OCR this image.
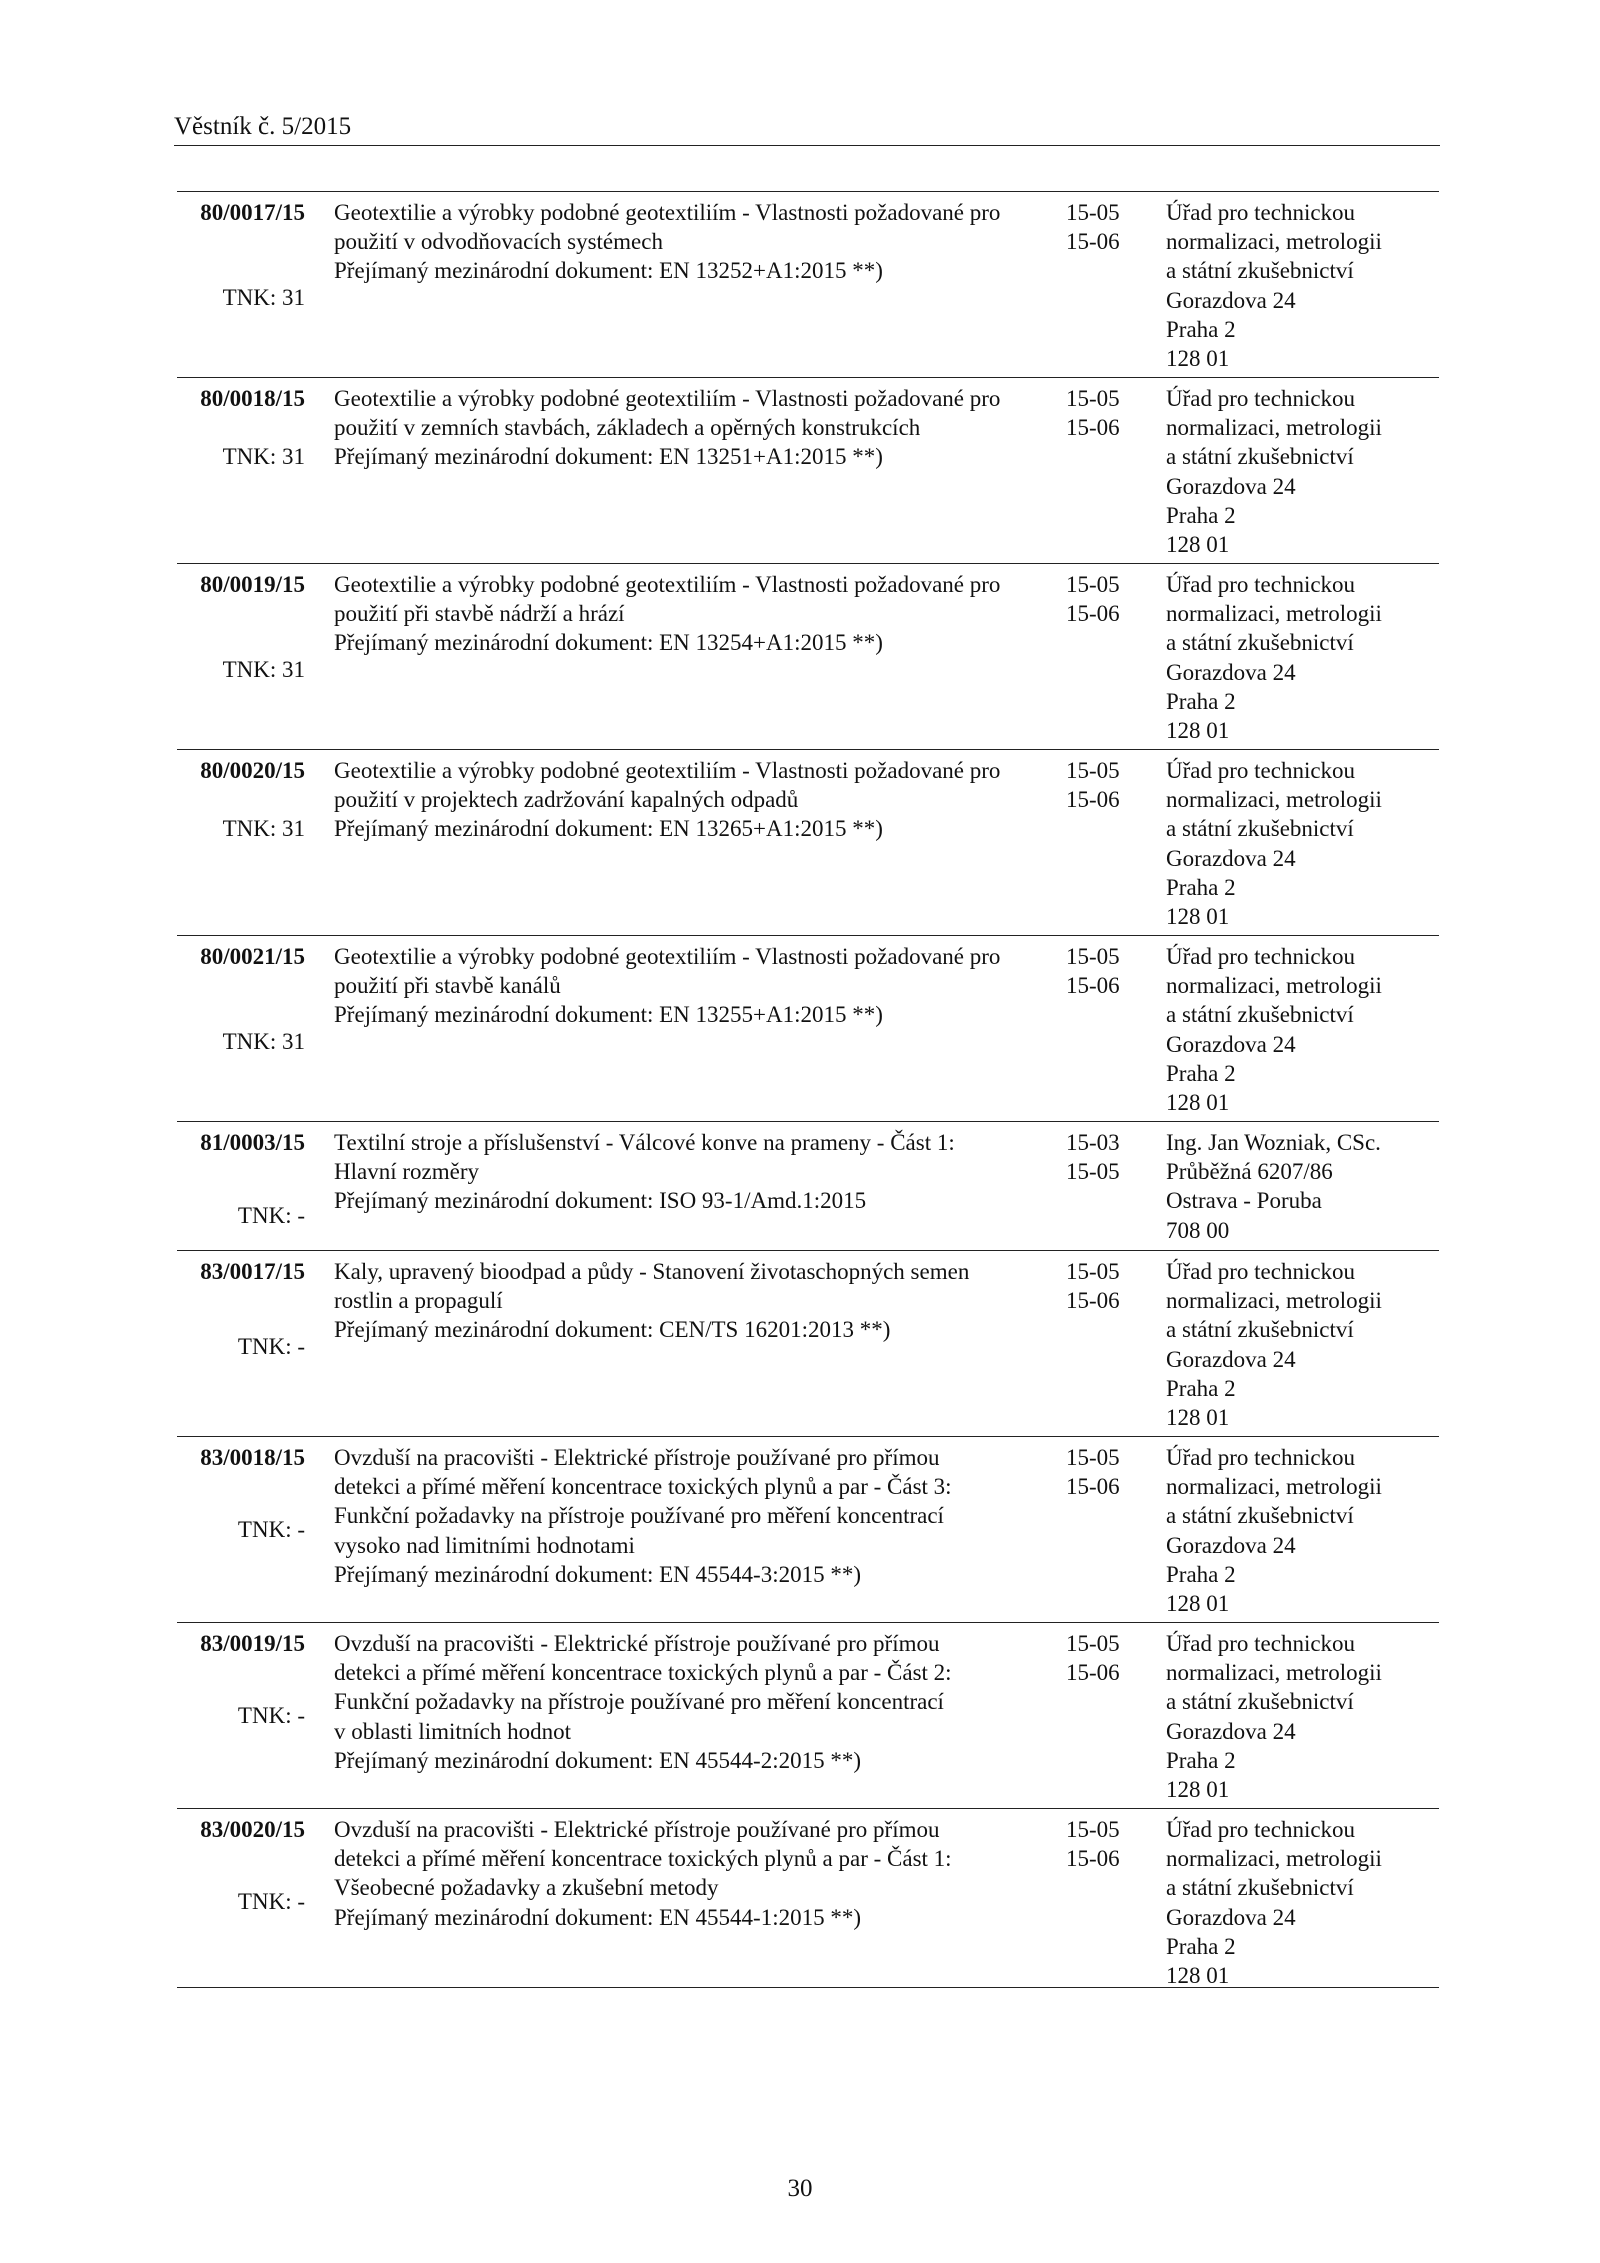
Věstník č. 5/2015
80/0017/15
TNK: 31
Geotextilie a výrobky podobné geotextiliím - Vlastnosti požadované pro
použití v odvodňovacích systémech
Přejímaný mezinárodní dokument: EN 13252+A1:2015 **)
15-05
15-06
Úřad pro technickou
normalizaci, metrologii
a státní zkušebnictví
Gorazdova 24
Praha 2
128 01
80/0018/15
TNK: 31
Geotextilie a výrobky podobné geotextiliím - Vlastnosti požadované pro
použití v zemních stavbách, základech a opěrných konstrukcích
Přejímaný mezinárodní dokument: EN 13251+A1:2015 **)
15-05
15-06
Úřad pro technickou
normalizaci, metrologii
a státní zkušebnictví
Gorazdova 24
Praha 2
128 01
80/0019/15
TNK: 31
Geotextilie a výrobky podobné geotextiliím - Vlastnosti požadované pro
použití při stavbě nádrží a hrází
Přejímaný mezinárodní dokument: EN 13254+A1:2015 **)
15-05
15-06
Úřad pro technickou
normalizaci, metrologii
a státní zkušebnictví
Gorazdova 24
Praha 2
128 01
80/0020/15
TNK: 31
Geotextilie a výrobky podobné geotextiliím - Vlastnosti požadované pro
použití v projektech zadržování kapalných odpadů
Přejímaný mezinárodní dokument: EN 13265+A1:2015 **)
15-05
15-06
Úřad pro technickou
normalizaci, metrologii
a státní zkušebnictví
Gorazdova 24
Praha 2
128 01
80/0021/15
TNK: 31
Geotextilie a výrobky podobné geotextiliím - Vlastnosti požadované pro
použití při stavbě kanálů
Přejímaný mezinárodní dokument: EN 13255+A1:2015 **)
15-05
15-06
Úřad pro technickou
normalizaci, metrologii
a státní zkušebnictví
Gorazdova 24
Praha 2
128 01
81/0003/15
TNK: -
Textilní stroje a příslušenství - Válcové konve na prameny - Část 1:
Hlavní rozměry
Přejímaný mezinárodní dokument: ISO 93-1/Amd.1:2015
15-03
15-05
Ing. Jan Wozniak, CSc.
Průběžná 6207/86
Ostrava - Poruba
708 00
83/0017/15
TNK: -
Kaly, upravený bioodpad a půdy - Stanovení životaschopných semen
rostlin a propagulí
Přejímaný mezinárodní dokument: CEN/TS 16201:2013 **)
15-05
15-06
Úřad pro technickou
normalizaci, metrologii
a státní zkušebnictví
Gorazdova 24
Praha 2
128 01
83/0018/15
TNK: -
Ovzduší na pracovišti - Elektrické přístroje používané pro přímou
detekci a přímé měření koncentrace toxických plynů a par - Část 3:
Funkční požadavky na přístroje používané pro měření koncentrací
vysoko nad limitními hodnotami
Přejímaný mezinárodní dokument: EN 45544-3:2015 **)
15-05
15-06
Úřad pro technickou
normalizaci, metrologii
a státní zkušebnictví
Gorazdova 24
Praha 2
128 01
83/0019/15
TNK: -
Ovzduší na pracovišti - Elektrické přístroje používané pro přímou
detekci a přímé měření koncentrace toxických plynů a par - Část 2:
Funkční požadavky na přístroje používané pro měření koncentrací
v oblasti limitních hodnot
Přejímaný mezinárodní dokument: EN 45544-2:2015 **)
15-05
15-06
Úřad pro technickou
normalizaci, metrologii
a státní zkušebnictví
Gorazdova 24
Praha 2
128 01
83/0020/15
TNK: -
Ovzduší na pracovišti - Elektrické přístroje používané pro přímou
detekci a přímé měření koncentrace toxických plynů a par - Část 1:
Všeobecné požadavky a zkušební metody
Přejímaný mezinárodní dokument: EN 45544-1:2015 **)
15-05
15-06
Úřad pro technickou
normalizaci, metrologii
a státní zkušebnictví
Gorazdova 24
Praha 2
128 01
30
